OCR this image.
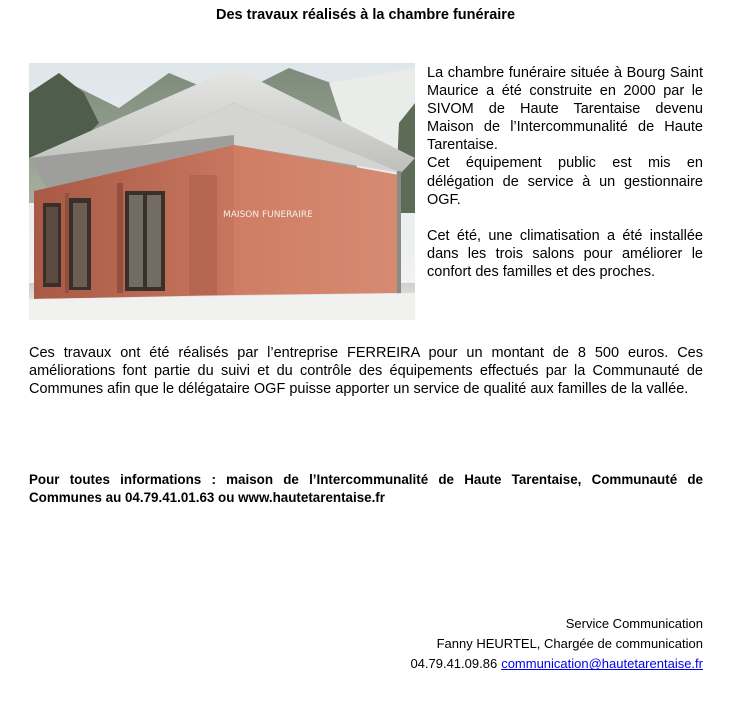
Des travaux réalisés à la chambre funéraire
MAISON FUNERAIRE

La chambre funéraire située à Bourg Saint Maurice a été construite en 2000 par le SIVOM de Haute Tarentaise devenu Maison de l’Intercommunalité de Haute Tarentaise.

Cet équipement public est mis en délégation de service à un gestionnaire OGF.

Cet été, une climatisation a été installée dans les trois salons pour améliorer le confort des familles et des proches.

Ces travaux ont été réalisés par l’entreprise FERREIRA pour un montant de 8 500 euros. Ces améliorations font partie du suivi et du contrôle des équipements effectués par la Communauté de Communes afin que le délégataire OGF puisse apporter un service de qualité aux familles de la vallée.

Pour toutes informations : maison de l’Intercommunalité de Haute Tarentaise, Communauté de Communes au 04.79.41.01.63 ou www.hautetarentaise.fr

Service Communication
Fanny HEURTEL, Chargée de communication
04.79.41.09.86 communication@hautetarentaise.fr
